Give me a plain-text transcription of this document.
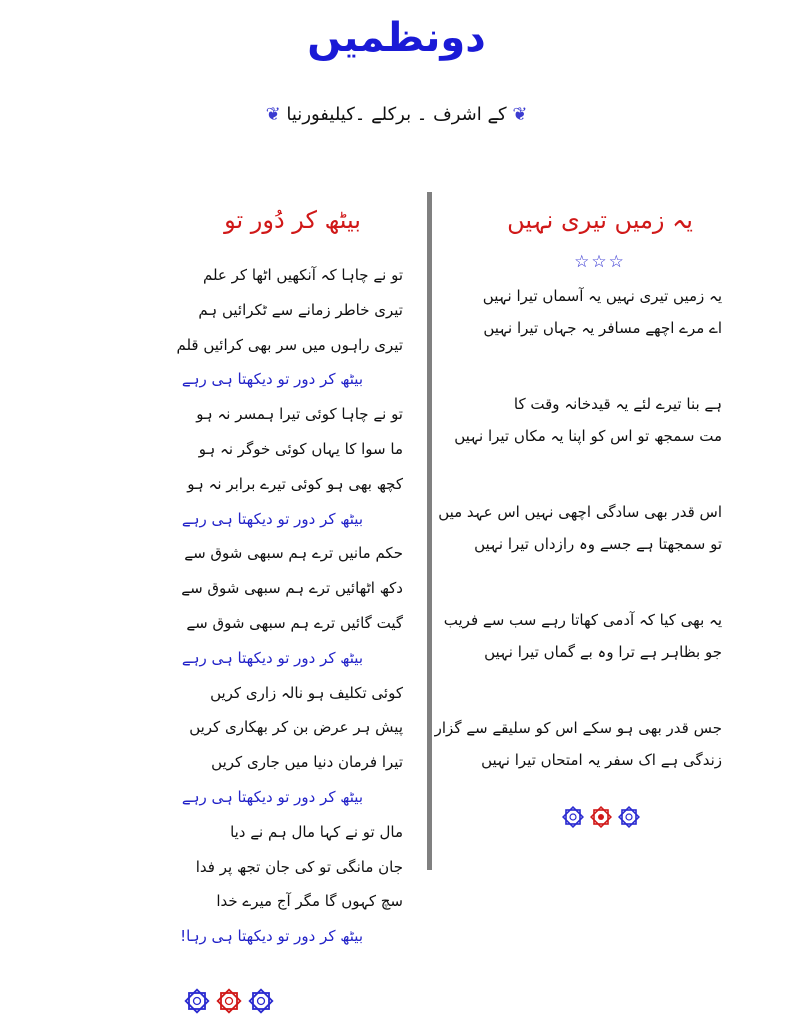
دونظمیں
❦ کے اشرف ۔ برکلے ۔کیلیفورنیا ❦
یہ زمیں تیری نہیں
☆☆☆
یہ زمیں تیری نہیں یہ آسماں تیرا نہیں
اے مرے اچھے مسافر یہ جہاں تیرا نہیں
ہے بنا تیرے لئے یہ قیدخانہ وقت کا
مت سمجھ تو اس کو اپنا یہ مکاں تیرا نہیں
اس قدر بھی سادگی اچھی نہیں اس عہد میں
تو سمجھتا ہے جسے وہ رازداں تیرا نہیں
یہ بھی کیا کہ آدمی کھاتا رہے سب سے فریب
جو بظاہر ہے ترا وہ بے گماں تیرا نہیں
جس قدر بھی ہو سکے اس کو سلیقے سے گزار
زندگی ہے اک سفر یہ امتحاں تیرا نہیں
بیٹھ کر دُور تو
تو نے چاہا کہ آنکھیں اٹھا کر علم
تیری خاطر زمانے سے ٹکرائیں ہم
تیری راہوں میں سر بھی کرائیں قلم
بیٹھ کر دور تو دیکھتا ہی رہے
تو نے چاہا کوئی تیرا ہمسر نہ ہو
ما سوا کا یہاں کوئی خوگر نہ ہو
کچھ بھی ہو کوئی تیرے برابر نہ ہو
بیٹھ کر دور تو دیکھتا ہی رہے
حکم مانیں ترے ہم سبھی شوق سے
دکھ اٹھائیں ترے ہم سبھی شوق سے
گیت گائیں ترے ہم سبھی شوق سے
بیٹھ کر دور تو دیکھتا ہی رہے
کوئی تکلیف ہو نالہ زاری کریں
پیش ہر عرض بن کر بھکاری کریں
تیرا فرمان دنیا میں جاری کریں
بیٹھ کر دور تو دیکھتا ہی رہے
مال تو نے کہا مال ہم نے دیا
جان مانگی تو کی جان تجھ پر فدا
سچ کہوں گا مگر آج میرے خدا
بیٹھ کر دور تو دیکھتا ہی رہا!
